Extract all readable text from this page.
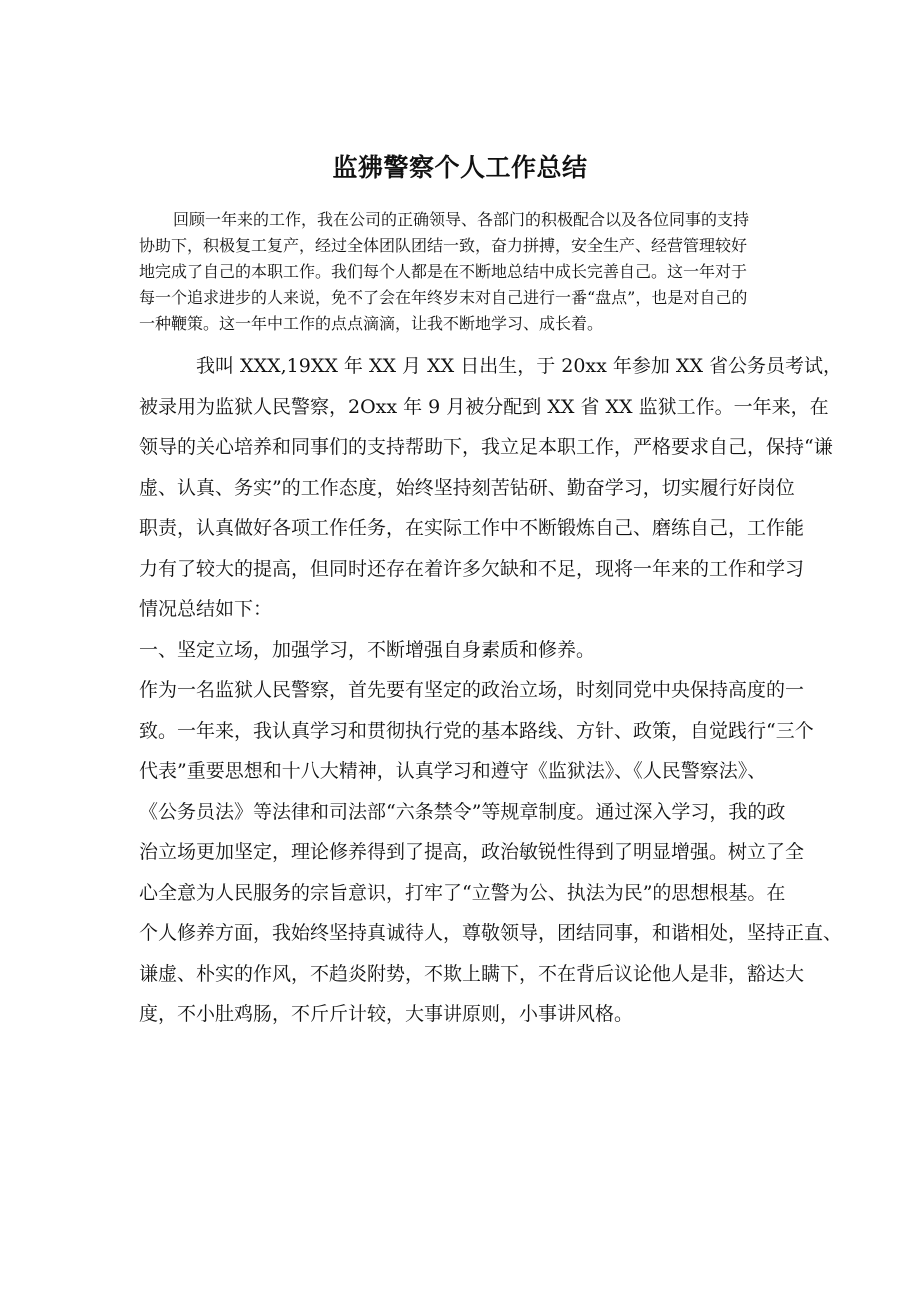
监狒警察个人工作总结
回顾一年来的工作，我在公司的正确领导、各部门的积极配合以及各位同事的支持
协助下，积极复工复产，经过全体团队团结一致，奋力拼搏，安全生产、经营管理较好
地完成了自己的本职工作。我们每个人都是在不断地总结中成长完善自己。这一年对于
每一个追求进步的人来说，免不了会在年终岁末对自己进行一番“盘点”，也是对自己的
一种鞭策。这一年中工作的点点滴滴，让我不断地学习、成长着。
我叫 XXX,19XX 年 XX 月 XX 日出生，于 20xx 年参加 XX 省公务员考试，
被录用为监狱人民警察，2Oxx 年 9 月被分配到 XX 省 XX 监狱工作。一年来，在
领导的关心培养和同事们的支持帮助下，我立足本职工作，严格要求自己，保持“谦
虚、认真、务实”的工作态度，始终坚持刻苦钻研、勤奋学习，切实履行好岗位
职责，认真做好各项工作任务，在实际工作中不断锻炼自己、磨练自己，工作能
力有了较大的提高，但同时还存在着许多欠缺和不足，现将一年来的工作和学习
情况总结如下：
一、坚定立场，加强学习，不断增强自身素质和修养。
作为一名监狱人民警察，首先要有坚定的政治立场，时刻同党中央保持高度的一
致。一年来，我认真学习和贯彻执行党的基本路线、方针、政策，自觉践行“三个
代表”重要思想和十八大精神，认真学习和遵守《监狱法》、《人民警察法》、
《公务员法》等法律和司法部“六条禁令”等规章制度。通过深入学习，我的政
治立场更加坚定，理论修养得到了提高，政治敏锐性得到了明显增强。树立了全
心全意为人民服务的宗旨意识，打牢了“立警为公、执法为民”的思想根基。在
个人修养方面，我始终坚持真诚待人，尊敬领导，团结同事，和谐相处，坚持正直、
谦虚、朴实的作风，不趋炎附势，不欺上瞒下，不在背后议论他人是非，豁达大
度，不小肚鸡肠，不斤斤计较，大事讲原则，小事讲风格。
